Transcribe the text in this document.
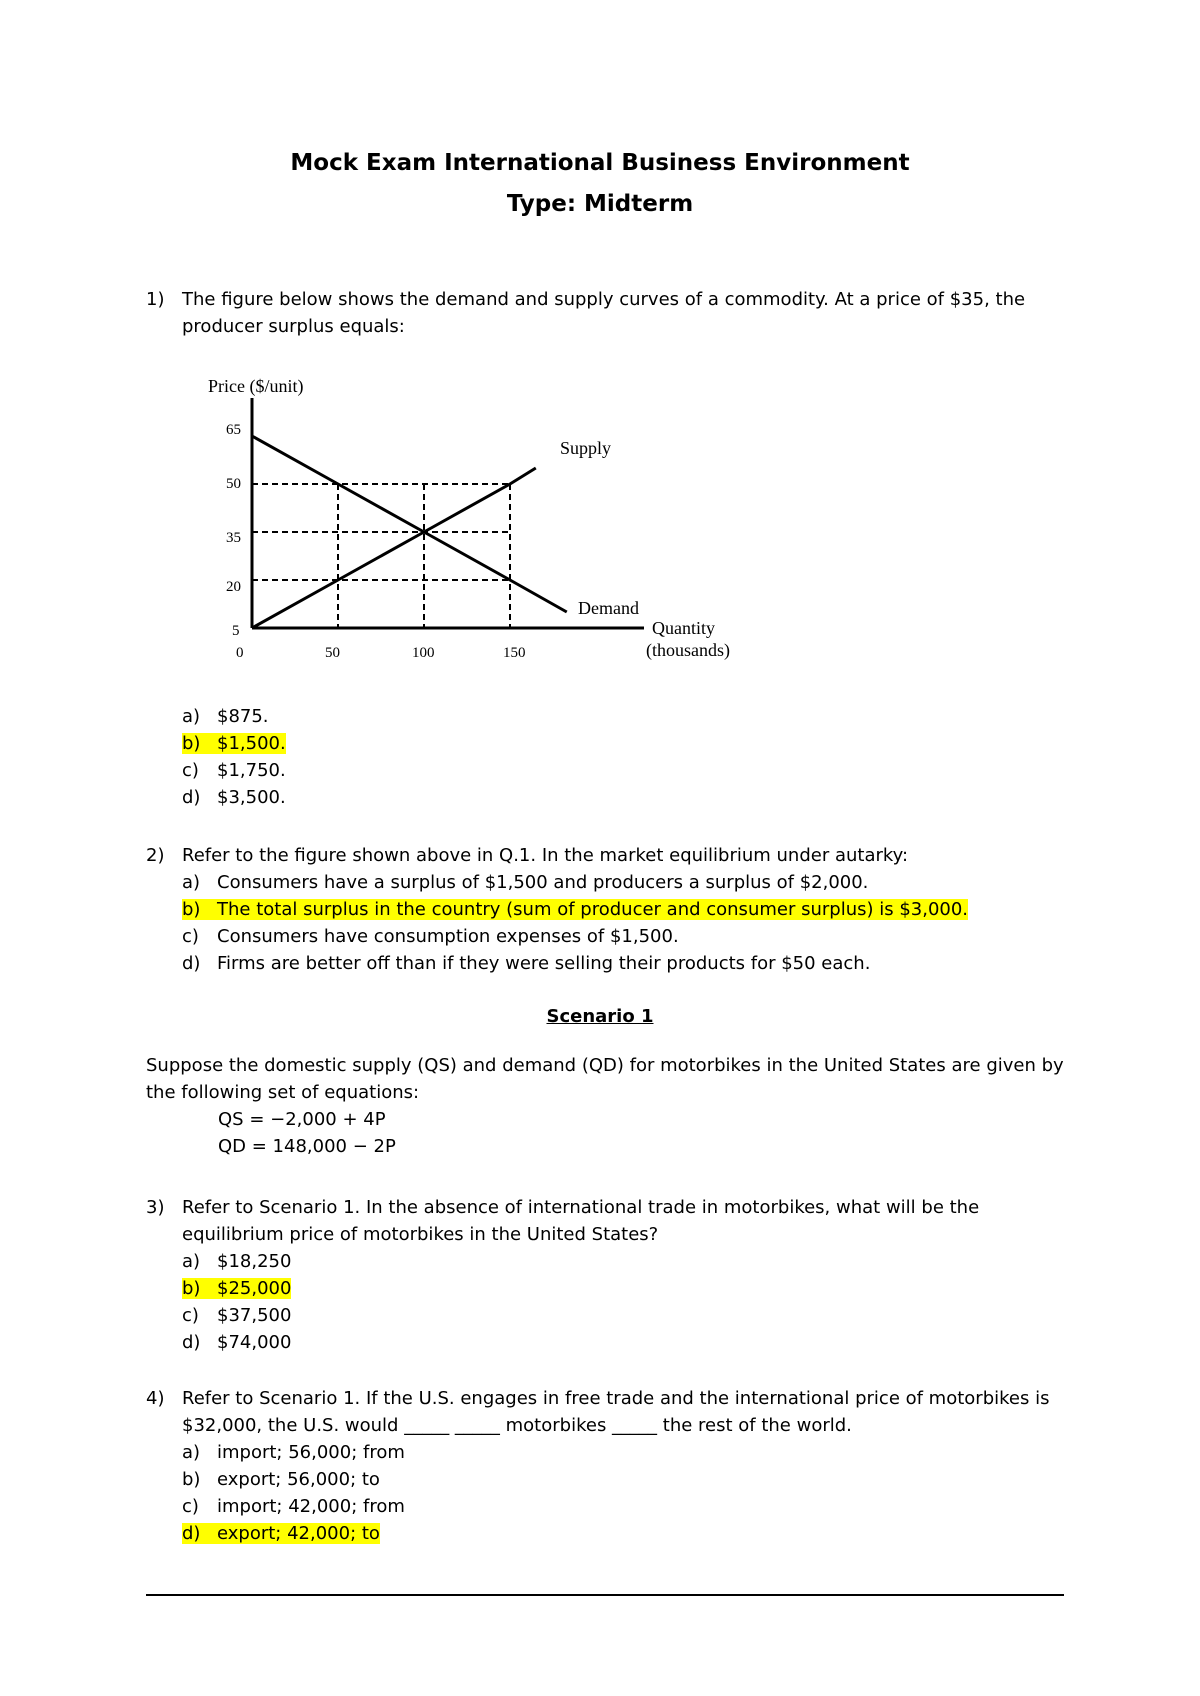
Mock Exam International Business Environment
Type: Midterm
1) The figure below shows the demand and supply curves of a commodity. At a price of $35, the producer surplus equals:
Price ($/unit)
65
50
35
20
5
0	50	100	150
Supply
Demand
Quantity
(thousands)
a) $875.
b) $1,500.
c) $1,750.
d) $3,500.
2) Refer to the figure shown above in Q.1. In the market equilibrium under autarky:
a) Consumers have a surplus of $1,500 and producers a surplus of $2,000.
b) The total surplus in the country (sum of producer and consumer surplus) is $3,000.
c) Consumers have consumption expenses of $1,500.
d) Firms are better off than if they were selling their products for $50 each.
Scenario 1
Suppose the domestic supply (QS) and demand (QD) for motorbikes in the United States are given by the following set of equations:
QS = −2,000 + 4P
QD = 148,000 − 2P
3) Refer to Scenario 1. In the absence of international trade in motorbikes, what will be the equilibrium price of motorbikes in the United States?
a) $18,250
b) $25,000
c) $37,500
d) $74,000
4) Refer to Scenario 1. If the U.S. engages in free trade and the international price of motorbikes is $32,000, the U.S. would _____ _____ motorbikes _____ the rest of the world.
a) import; 56,000; from
b) export; 56,000; to
c) import; 42,000; from
d) export; 42,000; to
